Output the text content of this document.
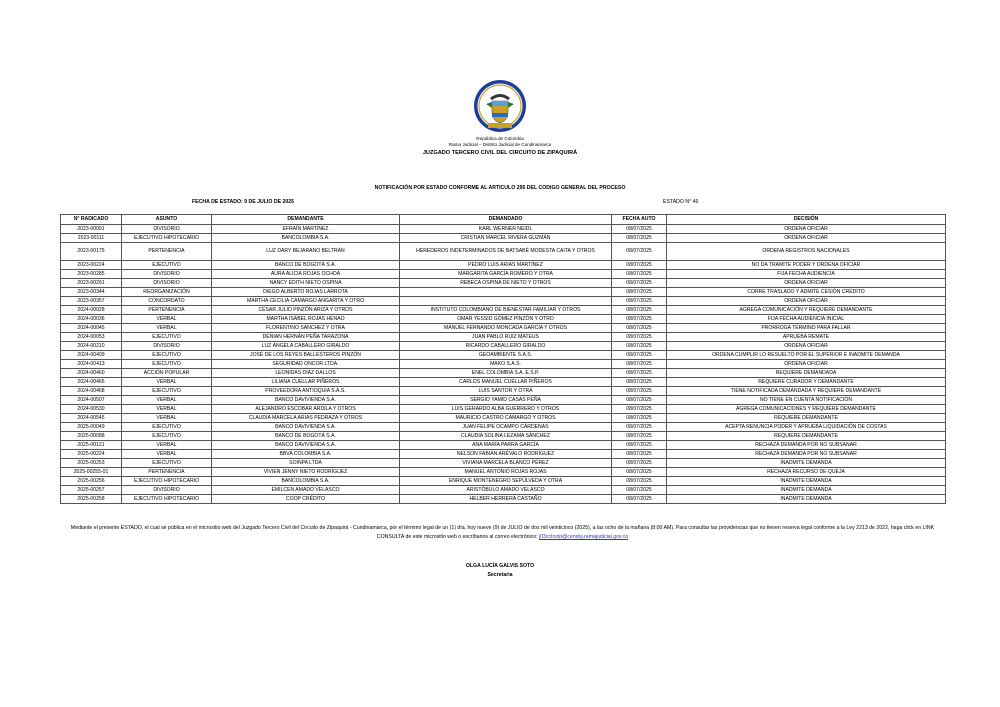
República de Colombia
Rama Judicial – Distrito Judicial de Cundinamarca
JUZGADO TERCERO CIVIL DEL CIRCUITO DE ZIPAQUIRÁ
NOTIFICACIÓN POR ESTADO CONFORME AL ARTICULO 295 DEL CODIGO GENERAL DEL PROCESO
FECHA DE ESTADO: 9 DE JULIO DE 2025	ESTADO N° 46
N° RADICADO	ASUNTO	DEMANDANTE	DEMANDADO	FECHA AUTO	DECISIÓN
2023-00091	DIVISORIO	EFRAÍN MARTÍNEZ	KARL WERNER NEIDL	08/07/2025	ORDENA OFICIAR
2023-00111	EJECUTIVO HIPOTECARIO	BANCOLOMBIA S.A.	CRISTIAN MARCEL RIVERA GUZMÁN	08/07/2025	ORDENA OFICIAR
2023-00175	PERTENENCIA	LUZ DARY BEJARANO BELTRÁN	HEREDEROS INDETERMINADOS DE BATSABÉ MODESTA CAITA Y OTROS	08/07/2025	ORDENA REGISTROS NACIONALES
2023-00224	EJECUTIVO	BANCO DE BOGOTÁ S.A.	PEDRO LUIS ARIAS MARTÍNEZ	08/07/2025	NO DA TRAMITE PODER Y ORDENA OFICIAR
2023-00285	DIVISORIO	AURA ALICIA ROJAS OCHOA	MARGARITA GARCÍA ROMERO Y OTRA	08/07/2025	FIJA FECHA AUDIENCIA
2023-00291	DIVISORIO	NANCY EDITH NIETO OSPINA	REBECA OSPINA DE NIETO Y OTROS	08/07/2025	ORDENA OFICIAR
2023-00344	REORGANIZACIÓN	DIEGO ALBERTO ROJAS LARROTA		08/07/2025	CORRE TRASLADO Y ADMITE CESIÓN CRÉDITO
2023-00357	CONCORDATO	MARTHA CECILIA CAMARGO ANGARITA Y OTRO		08/07/2025	ORDENA OFICIAR
2024-00028	PERTENENCIA	CÉSAR JULIO PINZÓN ARIZA Y OTROS	INSTITUTO COLOMBIANO DE BIENESTAR FAMILIAR Y OTROS	08/07/2025	AGREGA COMUNICACIÓN Y REQUIERE DEMANDANTE
2024-00036	VERBAL	MARTHA ISABEL ROJAS HENAO	OMAR YESSID GÓMEZ PINZÓN Y OTRO	08/07/2025	FIJA FECHA AUDIENCIA INICIAL
2024-00045	VERBAL	FLORENTINO SÁNCHEZ Y OTRA	MANUEL FERNANDO MONCADA GARCÍA Y OTROS	08/07/2025	PRORROGA TÉRMINO PARA FALLAR
2024-00053	EJECUTIVO	DENIAN HERNÁN PEÑA TARAZONA	JUAN PABLO RUIZ MATEUS	08/07/2025	APRUEBA REMATE
2024-00210	DIVISORIO	LUZ ÁNGELA CABALLERO GIRALDO	RICARDO CABALLERO GIRALDO	08/07/2025	ORDENA OFICIAR
2024-00409	EJECUTIVO	JOSÉ DE LOS REYES BALLESTEROS PINZÓN	GEOAMBIENTE S.A.S.	08/07/2025	ORDENA CUMPLIR LO RESUELTO POR EL SUPERIOR E INADMITE DEMANDA
2024-00413	EJECUTIVO	SEGURIDAD ONCOR LTDA.	MAKO S.A.S.	08/07/2025	ORDENA OFICIAR
2024-00460	ACCIÓN POPULAR	LEONIDAS DÍAZ DALLOS	ENEL COLOMBIA S.A. E.S.P.	08/07/2025	REQUIERE DEMANDADA
2024-00466	VERBAL	LILIANA CUÉLLAR PIÑEROS	CARLOS MANUEL CUÉLLAR PIÑEROS	08/07/2025	REQUIERE CURADOR Y DEMANDANTE
2024-00468	EJECUTIVO	PROVEEDORA ANTIOQUIA S.A.S.	LUIS SANTOR Y OTRA	08/07/2025	TIENE NOTIFICADA DEMANDADA Y REQUIERE DEMANDANTE
2024-00507	VERBAL	BANCO DAVIVIENDA S.A.	SERGIO YAMID CASAS PEÑA	08/07/2025	NO TIENE EN CUENTA NOTIFICACIÓN
2024-00530	VERBAL	ALEJANDRO ESCOBAR ARDILA Y OTROS	LUIS GERARDO ALBA GUERRERO Y OTROS	08/07/2025	AGREGA COMUNICACIONES Y REQUIERE DEMANDANTE
2024-00545	VERBAL	CLAUDIA MARCELA ARIAS PEDRAZA Y OTROS	MAURICIO CASTRO CAMARGO Y OTROS	08/07/2025	REQUIERE DEMANDANTE
2025-00049	EJECUTIVO	BANCO DAVIVIENDA S.A.	JUAN FELIPE OCAMPO CÁRDENAS	08/07/2025	ACEPTA RENUNCIA PODER Y APRUEBA LIQUIDACIÓN DE COSTAS
2025-00088	EJECUTIVO	BANCO DE BOGOTÁ S.A.	CLAUDIA SOLINA LEZAMA SÁNCHEZ	08/07/2025	REQUIERE DEMANDANTE
2025-00121	VERBAL	BANCO DAVIVIENDA S.A.	ANA MARÍA PARRA GARCÍA	08/07/2025	RECHAZA DEMANDA POR NO SUBSANAR
2025-00224	VERBAL	BBVA COLOMBIA S.A.	NELSON FABIÁN ARÉVALO RODRÍGUEZ	08/07/2025	RECHAZA DEMANDA POR NO SUBSANAR
2025-00253	EJECUTIVO	SOINPA LTDA	VIVIANA MARCELA BLANCO PÉREZ	08/07/2025	INADMITE DEMANDA
2025-00255-01	PERTENENCIA	VIVIEN JENNY NIETO RODRÍGUEZ	MANUEL ANTONIO ROJAS ROJAS	08/07/2025	RECHAZA RECURSO DE QUEJA
2025-00256	EJECUTIVO HIPOTECARIO	BANCOLOMBIA S.A.	ENRIQUE MONTENEGRO SEPÚLVEDA Y OTRA	08/07/2025	INADMITE DEMANDA
2025-00257	DIVISORIO	EMILCEN AMADO VELASCO	ARISTÓBULO AMADO VELASCO	08/07/2025	INADMITE DEMANDA
2025-00258	EJECUTIVO HIPOTECARIO	COOP CRÉDITO	HELBER HERRERA CASTAÑO	08/07/2025	INADMITE DEMANDA
Mediante el presente ESTADO, el cual se pública en el micrositio web del Juzgado Tercero Civil del Circuito de Zipaquirá - Cundinamarca, por el término legal de un (1) día, hoy nueve (9) de JULIO de dos mil veinticinco (2025), a las ocho de la mañana (8:00 AM). Para consultar las providencias que no tienen reserva legal conforme a la Ley 2213 de 2022, haga click en LINK CONSULTA de este micrositio web o escríbanos al correo electrónico: j03cctozip@cendoj.ramajudicial.gov.co
OLGA LUCÍA GALVIS SOTO
Secretaria
